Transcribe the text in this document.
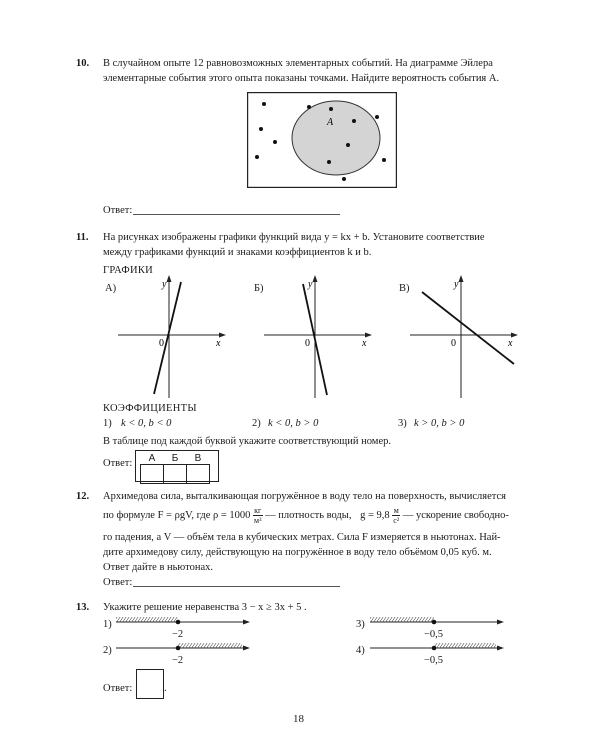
10. В случайном опыте 12 равновозможных элементарных событий. На диаграмме Эйлера
элементарные события этого опыта показаны точками. Найдите вероятность события A.
A
Ответ:
11. На рисунках изображены графики функций вида y = kx + b. Установите соответствие
между графиками функций и знаками коэффициентов k и b.
ГРАФИКИ
А)	y
x
0
Б)	y
x
0
В)	y
x
0
КОЭФФИЦИЕНТЫ
1) k < 0, b < 0	2) k < 0, b > 0	3) k > 0, b > 0
В таблице под каждой буквой укажите соответствующий номер.
Ответ: А	Б	В

12. Архимедова сила, выталкивающая погружённое в воду тело на поверхность, вычисляется
по формуле F = ρgV, где $\rho = 1000 \frac{кг}{\text{м³}}$ — плотность воды, $g = 9,8 \frac{м}{\text{с²}}$ — ускорение свободно-
го падения, а V — объём тела в кубических метрах. Сила F измеряется в ньютонах. Най-
дите архимедову силу, действующую на погружённое в воду тело объёмом 0,05 куб. м.
Ответ дайте в ньютонах.
Ответ:
13. Укажите решение неравенства 3 − x ≥ 3x + 5 .
1)
−2
2)
−2
3)
−0,5
4)
−0,5
Ответ:	.
18
